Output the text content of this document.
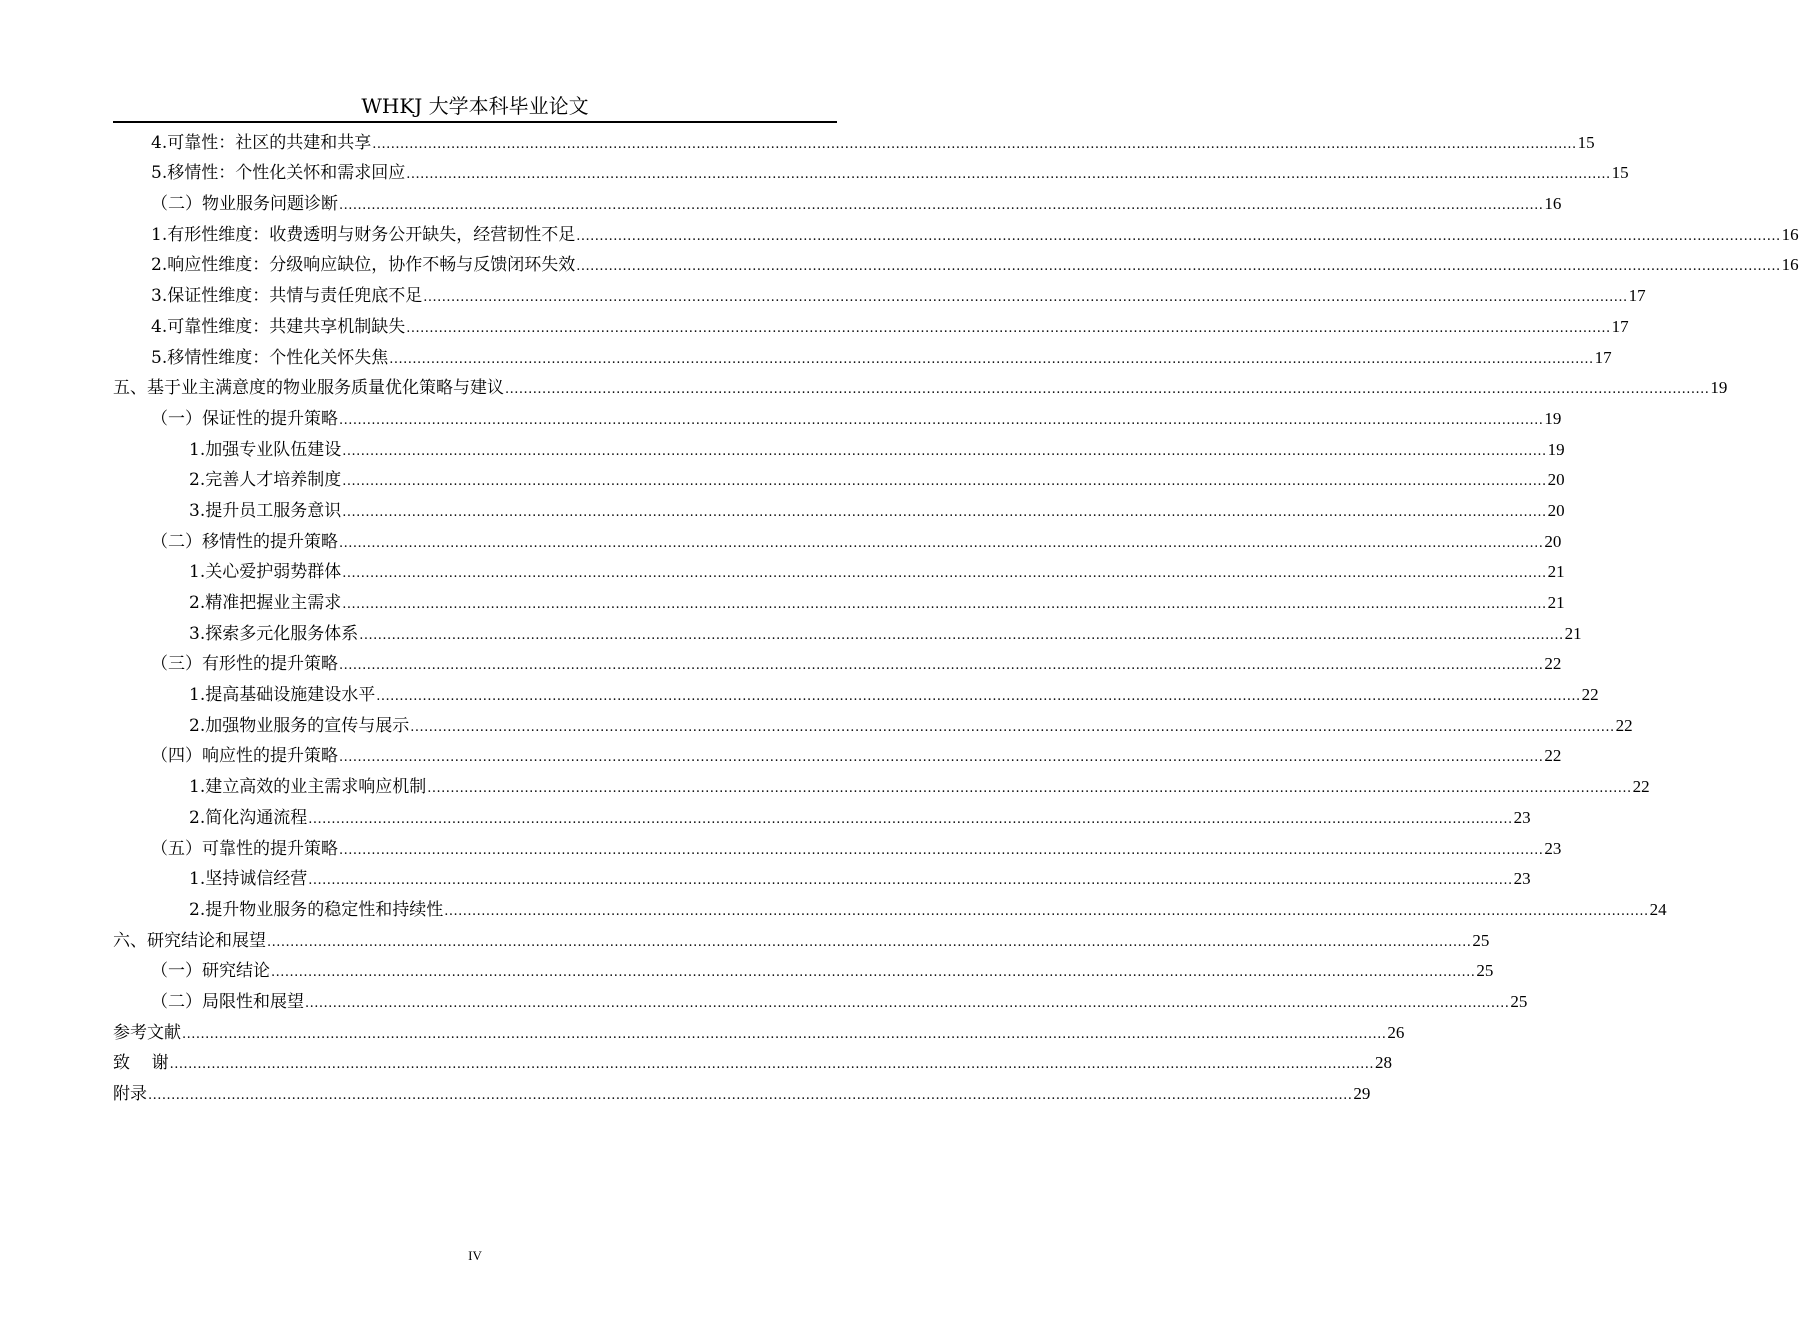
WHKJ 大学本科毕业论文
4.可靠性：社区的共建和共享 .................................................................................................................................................................................................................................................................... 15
5.移情性：个性化关怀和需求回应 .................................................................................................................................................................................................................................................................... 15
（二）物业服务问题诊断 .................................................................................................................................................................................................................................................................... 16
1.有形性维度：收费透明与财务公开缺失，经营韧性不足 .................................................................................................................................................................................................................................................................... 16
2.响应性维度：分级响应缺位，协作不畅与反馈闭环失效 .................................................................................................................................................................................................................................................................... 16
3.保证性维度：共情与责任兜底不足 .................................................................................................................................................................................................................................................................... 17
4.可靠性维度：共建共享机制缺失 .................................................................................................................................................................................................................................................................... 17
5.移情性维度：个性化关怀失焦 .................................................................................................................................................................................................................................................................... 17
五、基于业主满意度的物业服务质量优化策略与建议 .................................................................................................................................................................................................................................................................... 19
（一）保证性的提升策略 .................................................................................................................................................................................................................................................................... 19
1.加强专业队伍建设 .................................................................................................................................................................................................................................................................... 19
2.完善人才培养制度 .................................................................................................................................................................................................................................................................... 20
3.提升员工服务意识 .................................................................................................................................................................................................................................................................... 20
（二）移情性的提升策略 .................................................................................................................................................................................................................................................................... 20
1.关心爱护弱势群体 .................................................................................................................................................................................................................................................................... 21
2.精准把握业主需求 .................................................................................................................................................................................................................................................................... 21
3.探索多元化服务体系 .................................................................................................................................................................................................................................................................... 21
（三）有形性的提升策略 .................................................................................................................................................................................................................................................................... 22
1.提高基础设施建设水平 .................................................................................................................................................................................................................................................................... 22
2.加强物业服务的宣传与展示 .................................................................................................................................................................................................................................................................... 22
（四）响应性的提升策略 .................................................................................................................................................................................................................................................................... 22
1.建立高效的业主需求响应机制 .................................................................................................................................................................................................................................................................... 22
2.简化沟通流程 .................................................................................................................................................................................................................................................................... 23
（五）可靠性的提升策略 .................................................................................................................................................................................................................................................................... 23
1.坚持诚信经营 .................................................................................................................................................................................................................................................................... 23
2.提升物业服务的稳定性和持续性 .................................................................................................................................................................................................................................................................... 24
六、研究结论和展望 .................................................................................................................................................................................................................................................................... 25
（一）研究结论 .................................................................................................................................................................................................................................................................... 25
（二）局限性和展望 .................................................................................................................................................................................................................................................................... 25
参考文献 .................................................................................................................................................................................................................................................................... 26
致    谢 .................................................................................................................................................................................................................................................................... 28
附录 .................................................................................................................................................................................................................................................................... 29
IV
